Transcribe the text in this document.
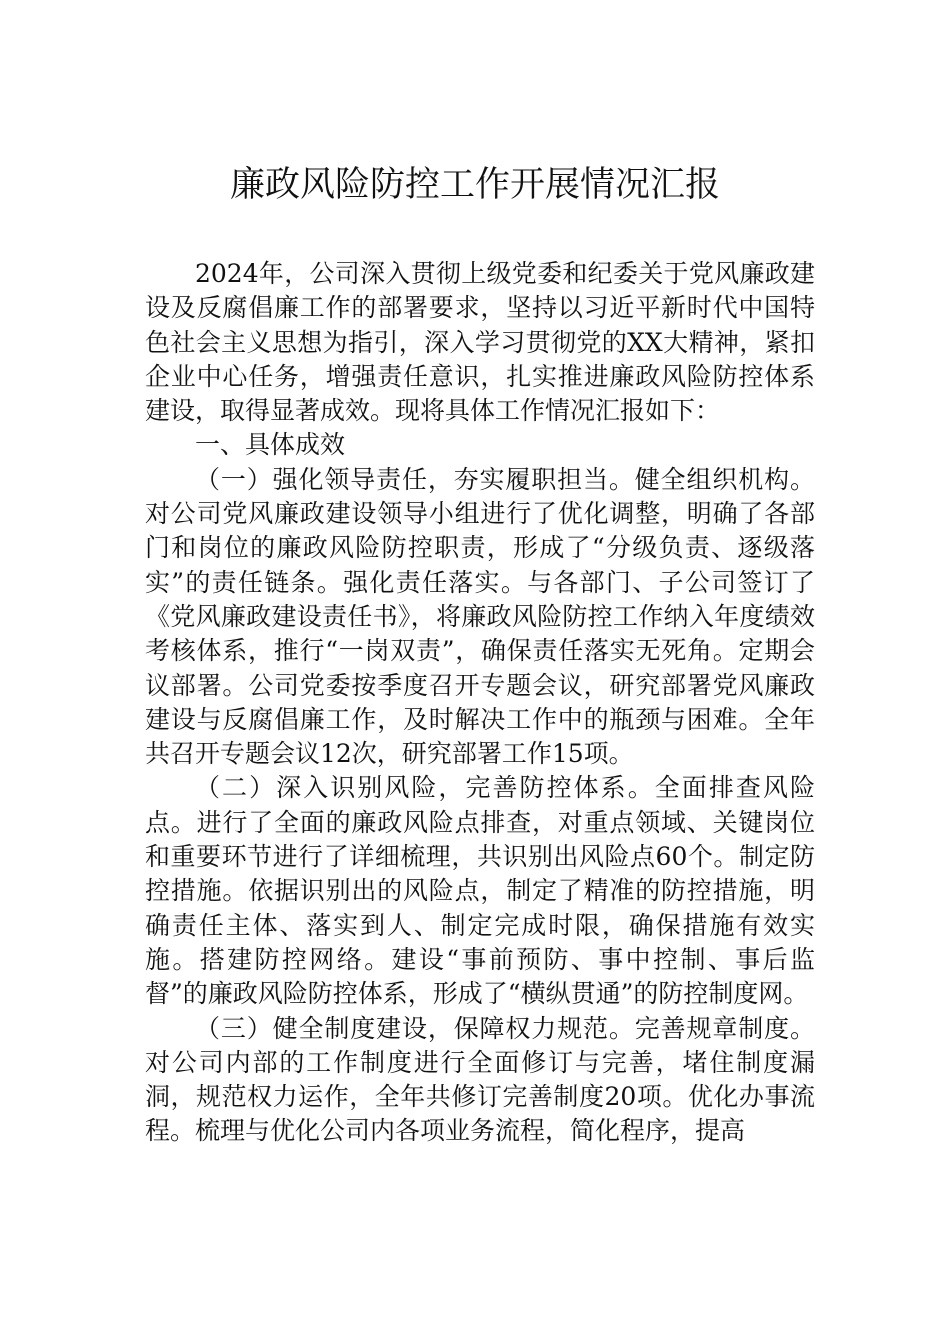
廉政风险防控工作开展情况汇报

2024年，公司深入贯彻上级党委和纪委关于党风廉政建设及反腐倡廉工作的部署要求，坚持以习近平新时代中国特色社会主义思想为指引，深入学习贯彻党的XX大精神，紧扣企业中心任务，增强责任意识，扎实推进廉政风险防控体系建设，取得显著成效。现将具体工作情况汇报如下：

一、具体成效

（一）强化领导责任，夯实履职担当。健全组织机构。对公司党风廉政建设领导小组进行了优化调整，明确了各部门和岗位的廉政风险防控职责，形成了“分级负责、逐级落实”的责任链条。强化责任落实。与各部门、子公司签订了《党风廉政建设责任书》，将廉政风险防控工作纳入年度绩效考核体系，推行“一岗双责”，确保责任落实无死角。定期会议部署。公司党委按季度召开专题会议，研究部署党风廉政建设与反腐倡廉工作，及时解决工作中的瓶颈与困难。全年共召开专题会议12次，研究部署工作15项。

（二）深入识别风险，完善防控体系。全面排查风险点。进行了全面的廉政风险点排查，对重点领域、关键岗位和重要环节进行了详细梳理，共识别出风险点60个。制定防控措施。依据识别出的风险点，制定了精准的防控措施，明确责任主体、落实到人、制定完成时限，确保措施有效实施。搭建防控网络。建设“事前预防、事中控制、事后监督”的廉政风险防控体系，形成了“横纵贯通”的防控制度网。

（三）健全制度建设，保障权力规范。完善规章制度。对公司内部的工作制度进行全面修订与完善，堵住制度漏洞，规范权力运作，全年共修订完善制度20项。优化办事流程。梳理与优化公司内各项业务流程，简化程序，提高
